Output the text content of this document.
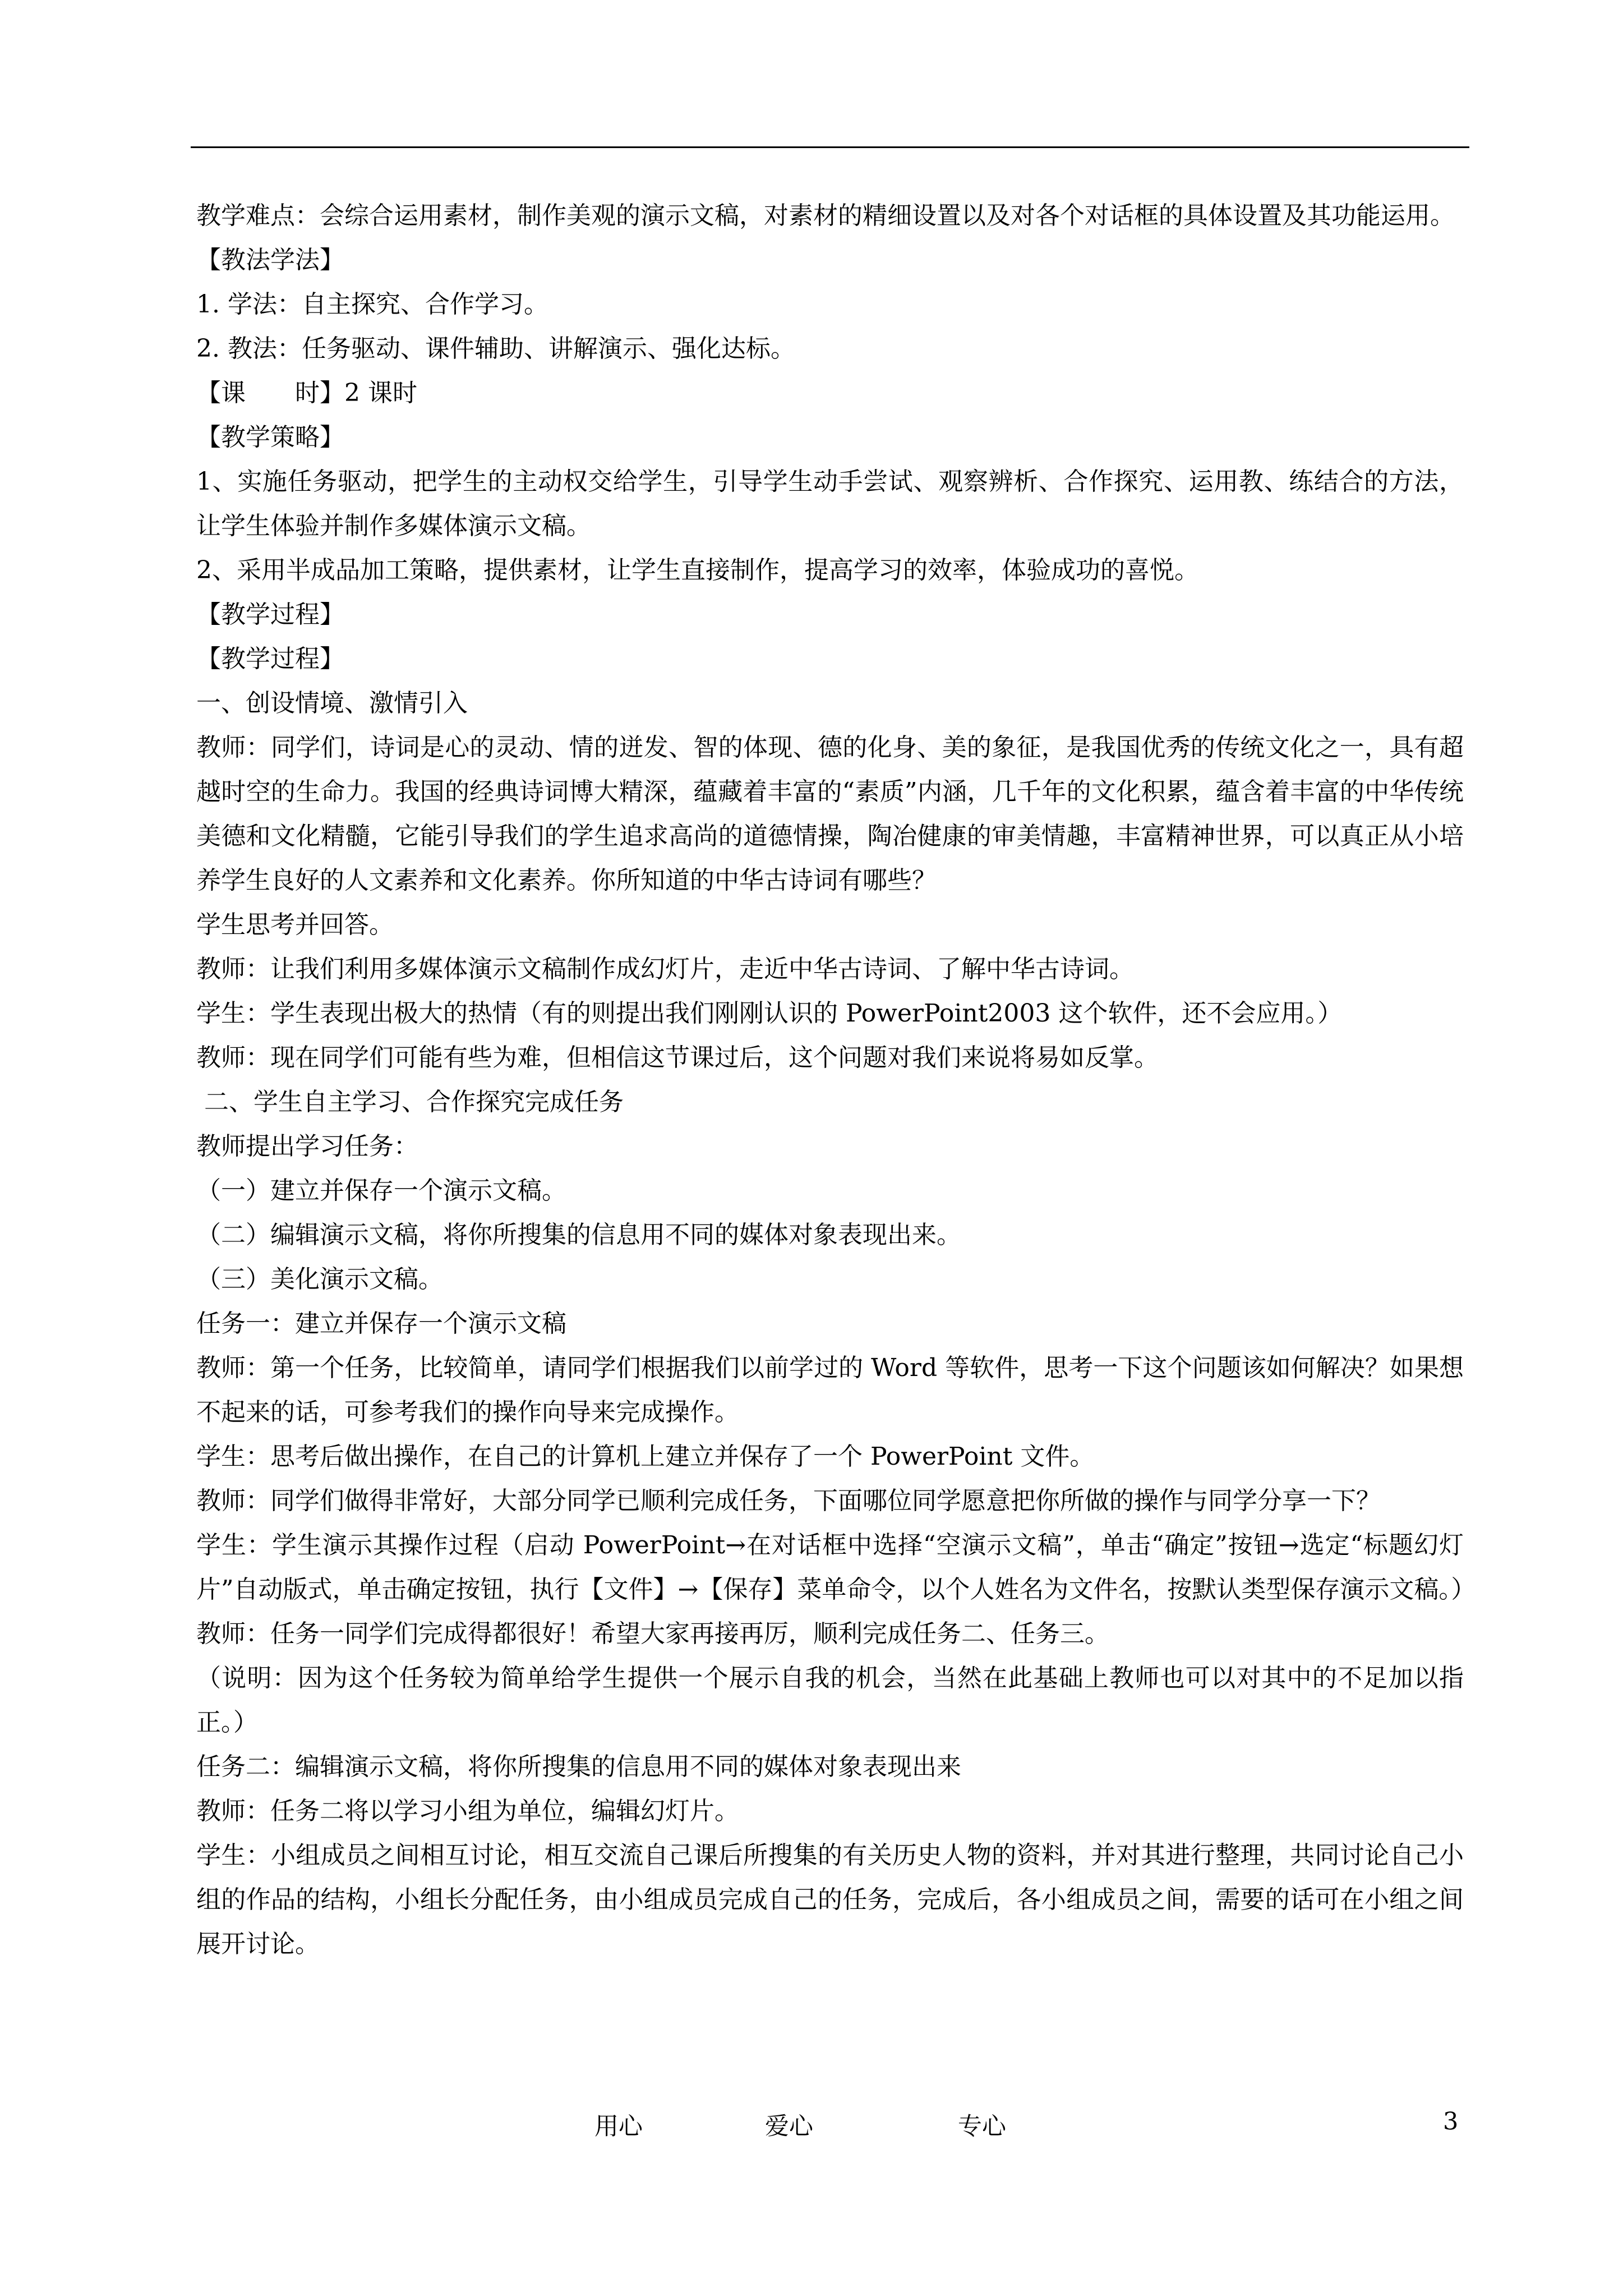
教学难点：会综合运用素材，制作美观的演示文稿，对素材的精细设置以及对各个对话框的具体设置及其功能运用。

【教法学法】

1. 学法：自主探究、合作学习。

2. 教法：任务驱动、课件辅助、讲解演示、强化达标。

【课　　时】2 课时

【教学策略】

1、实施任务驱动，把学生的主动权交给学生，引导学生动手尝试、观察辨析、合作探究、运用教、练结合的方法，让学生体验并制作多媒体演示文稿。

2、采用半成品加工策略，提供素材，让学生直接制作，提高学习的效率，体验成功的喜悦。

【教学过程】

【教学过程】

一、创设情境、激情引入

教师：同学们，诗词是心的灵动、情的迸发、智的体现、德的化身、美的象征，是我国优秀的传统文化之一，具有超越时空的生命力。我国的经典诗词博大精深，蕴藏着丰富的“素质”内涵，几千年的文化积累，蕴含着丰富的中华传统美德和文化精髓，它能引导我们的学生追求高尚的道德情操，陶冶健康的审美情趣，丰富精神世界，可以真正从小培养学生良好的人文素养和文化素养。你所知道的中华古诗词有哪些？

学生思考并回答。

教师：让我们利用多媒体演示文稿制作成幻灯片，走近中华古诗词、了解中华古诗词。

学生：学生表现出极大的热情（有的则提出我们刚刚认识的 PowerPoint2003 这个软件，还不会应用。）

教师：现在同学们可能有些为难，但相信这节课过后，这个问题对我们来说将易如反掌。

二、学生自主学习、合作探究完成任务

教师提出学习任务：

（一）建立并保存一个演示文稿。

（二）编辑演示文稿，将你所搜集的信息用不同的媒体对象表现出来。

（三）美化演示文稿。

任务一：建立并保存一个演示文稿

教师：第一个任务，比较简单，请同学们根据我们以前学过的 Word 等软件，思考一下这个问题该如何解决？如果想不起来的话，可参考我们的操作向导来完成操作。

学生：思考后做出操作，在自己的计算机上建立并保存了一个 PowerPoint 文件。

教师：同学们做得非常好，大部分同学已顺利完成任务，下面哪位同学愿意把你所做的操作与同学分享一下？

学生：学生演示其操作过程（启动 PowerPoint→在对话框中选择“空演示文稿”，单击“确定”按钮→选定“标题幻灯片”自动版式，单击确定按钮，执行【文件】→【保存】菜单命令，以个人姓名为文件名，按默认类型保存演示文稿。）

教师：任务一同学们完成得都很好！希望大家再接再厉，顺利完成任务二、任务三。

（说明：因为这个任务较为简单给学生提供一个展示自我的机会，当然在此基础上教师也可以对其中的不足加以指正。）

任务二：编辑演示文稿，将你所搜集的信息用不同的媒体对象表现出来

教师：任务二将以学习小组为单位，编辑幻灯片。

学生：小组成员之间相互讨论，相互交流自己课后所搜集的有关历史人物的资料，并对其进行整理，共同讨论自己小组的作品的结构，小组长分配任务，由小组成员完成自己的任务，完成后，各小组成员之间，需要的话可在小组之间展开讨论。

用心	爱心	专心	3
